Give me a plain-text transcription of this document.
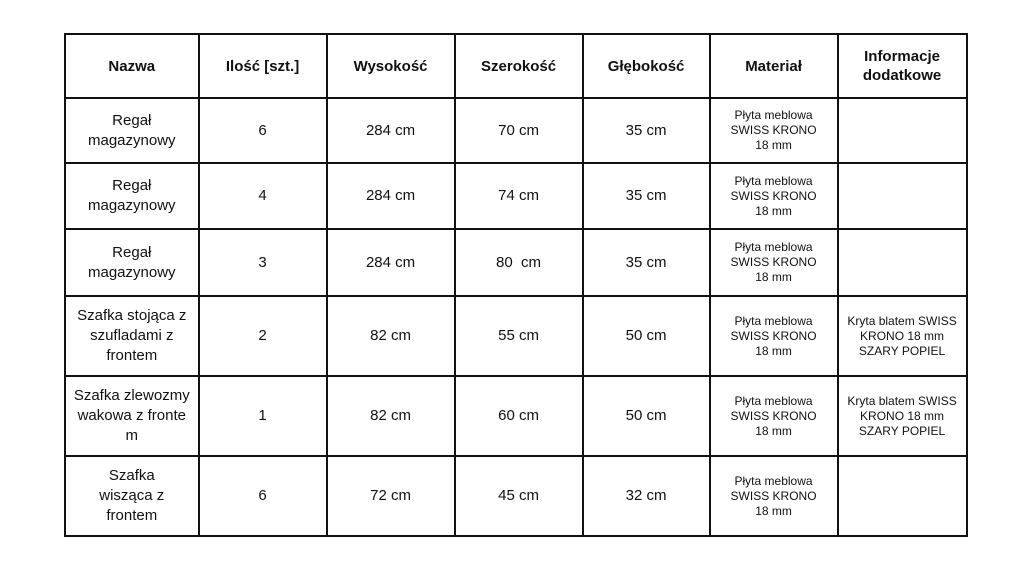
Nazwa	Ilość [szt.]	Wysokość	Szerokość	Głębokość	Materiał	Informacje dodatkowe
Regał magazynowy	6	284 cm	70 cm	35 cm	Płyta meblowa SWISS KRONO 18 mm	
Regał magazynowy	4	284 cm	74 cm	35 cm	Płyta meblowa SWISS KRONO 18 mm	
Regał magazynowy	3	284 cm	80  cm	35 cm	Płyta meblowa SWISS KRONO 18 mm	
Szafka stojąca z szufladami z frontem	2	82 cm	55 cm	50 cm	Płyta meblowa SWISS KRONO 18 mm	Kryta blatem SWISS KRONO 18 mm SZARY POPIEL
Szafka zlewozmywakowa z frontem	1	82 cm	60 cm	50 cm	Płyta meblowa SWISS KRONO 18 mm	Kryta blatem SWISS KRONO 18 mm SZARY POPIEL
Szafka wisząca z frontem	6	72 cm	45 cm	32 cm	Płyta meblowa SWISS KRONO 18 mm	
